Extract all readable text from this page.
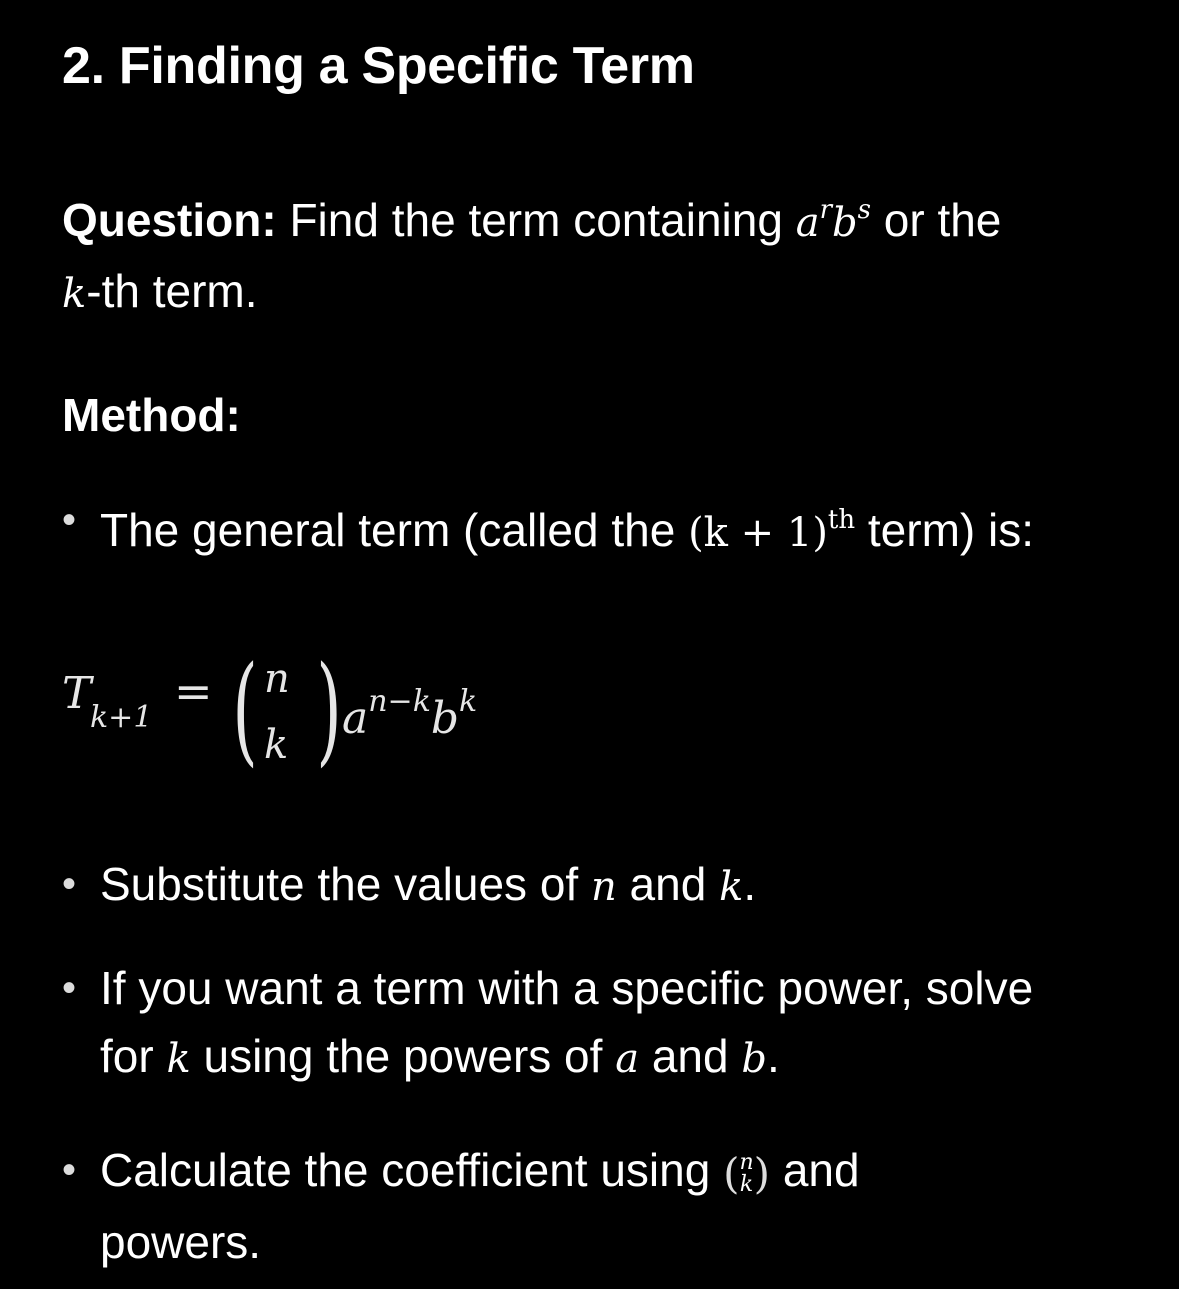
2. Finding a Specific Term

Question: Find the term containing $a^rb^s$ or the
k-th term.

Method:

• The general term (called the $(k + 1)^{th}$ term) is:
T
k+1 = ( n
k ) $a^{n-k}b^k$
• Substitute the values of n and k.
• If you want a term with a specific power, solve for k using the powers of a and b.
• Calculate the coefficient using ( n
k ) and powers.
